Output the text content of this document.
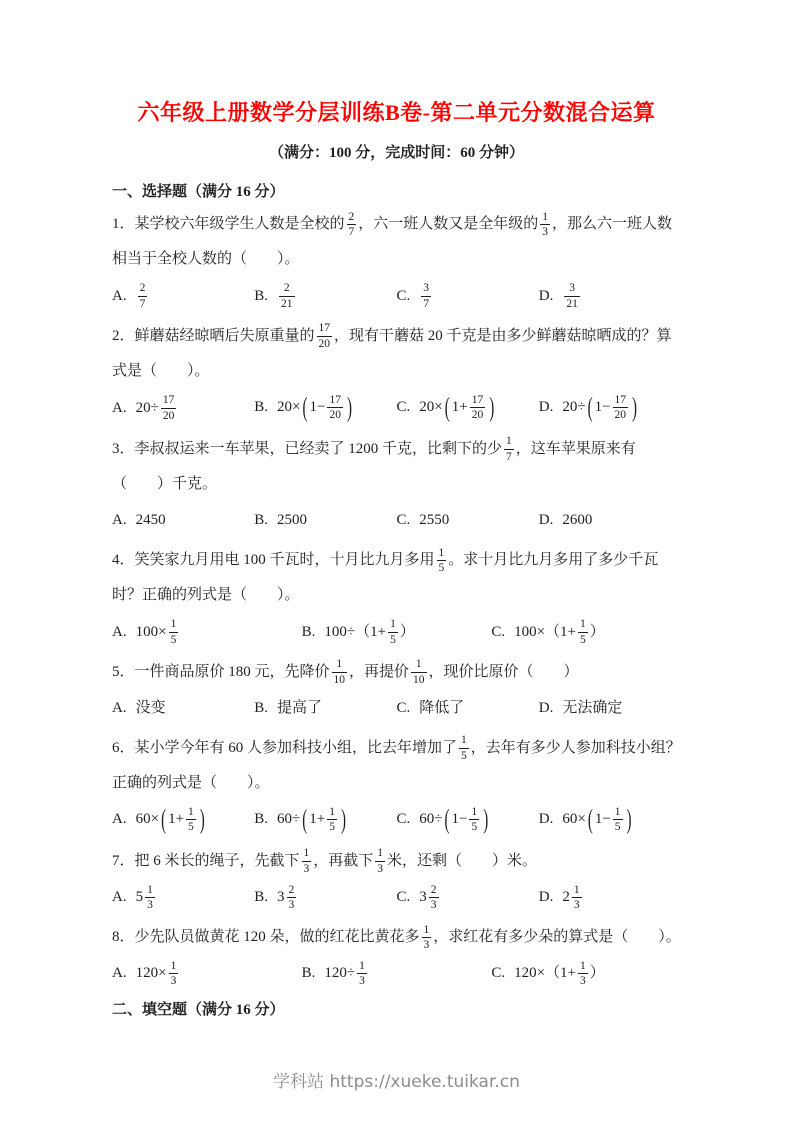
六年级上册数学分层训练B卷-第二单元分数混合运算
（满分：100 分，完成时间：60 分钟）
一、选择题（满分 16 分）
1．某学校六年级学生人数是全校的 $\frac{2}{7}$ ，六一班人数又是全年级的 $\frac{1}{3}$ ，那么六一班人数相当于全校人数的（　　）。
A. $\frac{2}{7}$	B. $\frac{2}{21}$	C. $\frac{3}{7}$	D. $\frac{3}{21}$
2．鲜蘑菇经晾晒后失原重量的 $\frac{17}{20}$ ，现有干蘑菇 20 千克是由多少鲜蘑菇晾晒成的？算式是（　　）。
A. $20\div \frac{17}{20}$	B. 20× ( $1- \frac{17}{20}$ )	C. 20× ( $1+ \frac{17}{20}$ )	D. 20÷ ( $1- \frac{17}{20}$ )
3．李叔叔运来一车苹果，已经卖了 1200 千克，比剩下的少 $\frac{1}{7}$ ，这车苹果原来有（　　）千克。
A. 2450	B. 2500	C. 2550	D. 2600
4．笑笑家九月用电 100 千瓦时，十月比九月多用 $\frac{1}{5}$ 。求十月比九月多用了多少千瓦时？正确的列式是（　　）。
A. $100\times \frac{1}{5}$	B. $100\div(1+ \frac{1}{5}$ ）	C. $100\times(1+ \frac{1}{5}$ ）
5．一件商品原价 180 元，先降价 $\frac{1}{10}$ ，再提价 $\frac{1}{10}$ ，现价比原价（　　）
A. 没变	B. 提高了	C. 降低了	D. 无法确定
6．某小学今年有 60 人参加科技小组，比去年增加了 $\frac{1}{5}$ ，去年有多少人参加科技小组？正确的列式是（　　）。
A. 60× ( $1+ \frac{1}{5}$ )	B. 60÷ ( $1+ \frac{1}{5}$ )	C. 60÷ ( $1- \frac{1}{5}$ )	D. 60× ( $1- \frac{1}{5}$ )
7．把 6 米长的绳子，先截下 $\frac{1}{3}$ ，再截下 $\frac{1}{3}$ 米，还剩（　　）米。
A. $5 \frac{1}{3}$	B. $3 \frac{2}{3}$	C. $3 \frac{2}{3}$	D. $2 \frac{1}{3}$
8．少先队员做黄花 120 朵，做的红花比黄花多 $\frac{1}{3}$ ，求红花有多少朵的算式是（　　）。
A. $120\times \frac{1}{3}$	B. $120\div \frac{1}{3}$	C. $120\times(1+ \frac{1}{3}$ ）
二、填空题（满分 16 分）
学科站 https://xueke.tuikar.cn
